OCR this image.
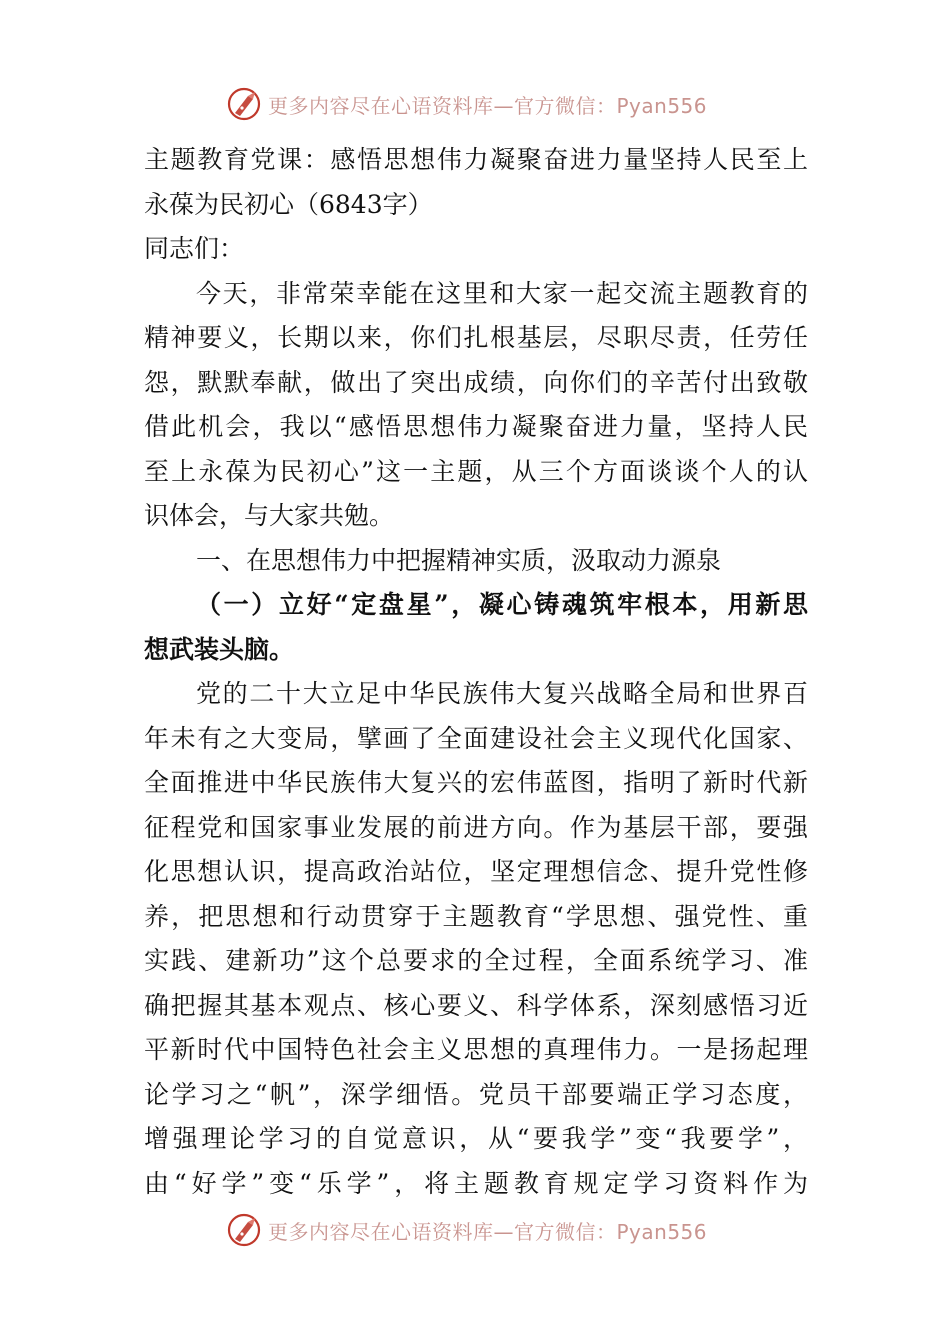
更多内容尽在心语资料库—官方微信：Pyan556
主题教育党课：感悟思想伟力凝聚奋进力量坚持人民至上
永葆为民初心（6843字）
同志们：
今天，非常荣幸能在这里和大家一起交流主题教育的
精神要义，长期以来，你们扎根基层，尽职尽责，任劳任
怨，默默奉献，做出了突出成绩，向你们的辛苦付出致敬
借此机会，我以“感悟思想伟力凝聚奋进力量，坚持人民
至上永葆为民初心”这一主题，从三个方面谈谈个人的认
识体会，与大家共勉。
一、在思想伟力中把握精神实质，汲取动力源泉
（一）立好“定盘星”，凝心铸魂筑牢根本，用新思
想武装头脑。
党的二十大立足中华民族伟大复兴战略全局和世界百
年未有之大变局，擘画了全面建设社会主义现代化国家、
全面推进中华民族伟大复兴的宏伟蓝图，指明了新时代新
征程党和国家事业发展的前进方向。作为基层干部，要强
化思想认识，提高政治站位，坚定理想信念、提升党性修
养，把思想和行动贯穿于主题教育“学思想、强党性、重
实践、建新功”这个总要求的全过程，全面系统学习、准
确把握其基本观点、核心要义、科学体系，深刻感悟习近
平新时代中国特色社会主义思想的真理伟力。一是扬起理
论学习之“帆”，深学细悟。党员干部要端正学习态度，
增强理论学习的自觉意识，从“要我学”变“我要学”，
由“好学”变“乐学”，将主题教育规定学习资料作为
更多内容尽在心语资料库—官方微信：Pyan556
